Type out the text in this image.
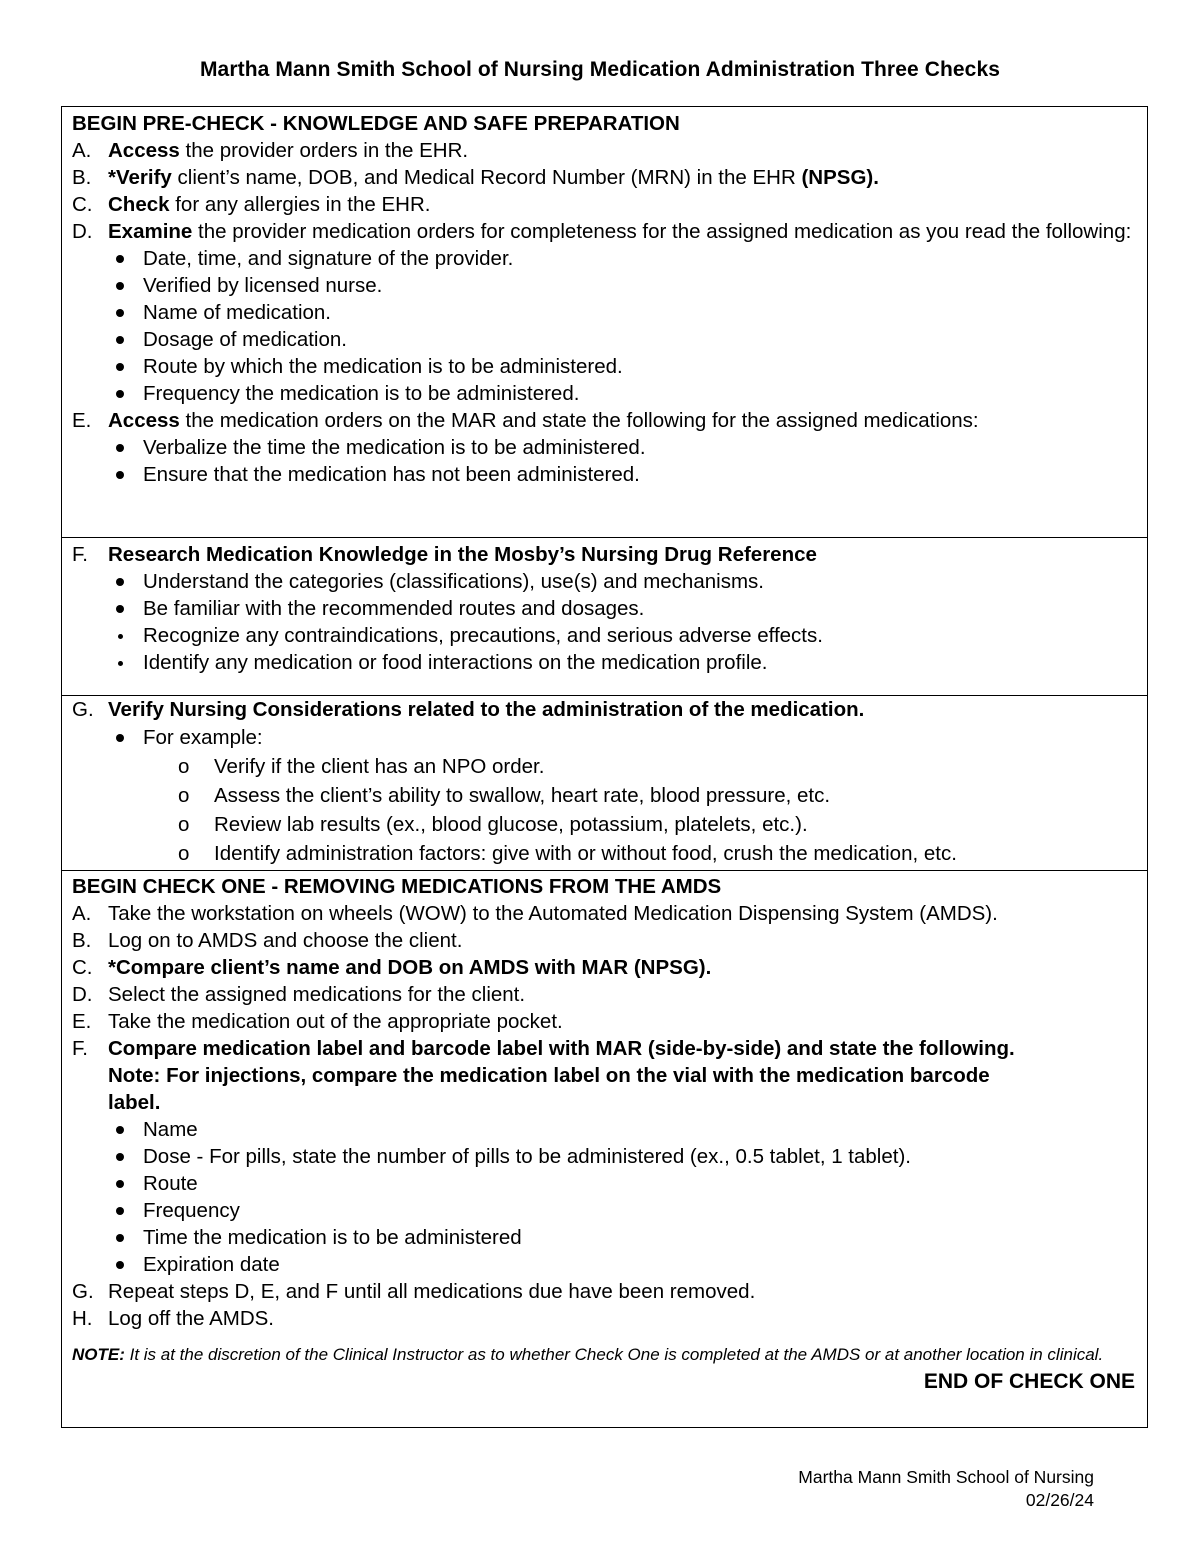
Martha Mann Smith School of Nursing Medication Administration Three Checks
BEGIN PRE-CHECK - KNOWLEDGE AND SAFE PREPARATION
A. Access the provider orders in the EHR.
B. *Verify client’s name, DOB, and Medical Record Number (MRN) in the EHR (NPSG).
C. Check for any allergies in the EHR.
D. Examine the provider medication orders for completeness for the assigned medication as you read the following:
Date, time, and signature of the provider.
Verified by licensed nurse.
Name of medication.
Dosage of medication.
Route by which the medication is to be administered.
Frequency the medication is to be administered.
E. Access the medication orders on the MAR and state the following for the assigned medications:
Verbalize the time the medication is to be administered.
Ensure that the medication has not been administered.
F. Research Medication Knowledge in the Mosby’s Nursing Drug Reference
Understand the categories (classifications), use(s) and mechanisms.
Be familiar with the recommended routes and dosages.
Recognize any contraindications, precautions, and serious adverse effects.
Identify any medication or food interactions on the medication profile.
G. Verify Nursing Considerations related to the administration of the medication.
For example:
o Verify if the client has an NPO order.
o Assess the client’s ability to swallow, heart rate, blood pressure, etc.
o Review lab results (ex., blood glucose, potassium, platelets, etc.).
o Identify administration factors: give with or without food, crush the medication, etc.
BEGIN CHECK ONE - REMOVING MEDICATIONS FROM THE AMDS
A. Take the workstation on wheels (WOW) to the Automated Medication Dispensing System (AMDS).
B. Log on to AMDS and choose the client.
C. *Compare client’s name and DOB on AMDS with MAR (NPSG).
D. Select the assigned medications for the client.
E. Take the medication out of the appropriate pocket.
F. Compare medication label and barcode label with MAR (side-by-side) and state the following. Note: For injections, compare the medication label on the vial with the medication barcode label.
Name
Dose - For pills, state the number of pills to be administered (ex., 0.5 tablet, 1 tablet).
Route
Frequency
Time the medication is to be administered
Expiration date
G. Repeat steps D, E, and F until all medications due have been removed.
H. Log off the AMDS.
NOTE: It is at the discretion of the Clinical Instructor as to whether Check One is completed at the AMDS or at another location in clinical.
END OF CHECK ONE
Martha Mann Smith School of Nursing
02/26/24
